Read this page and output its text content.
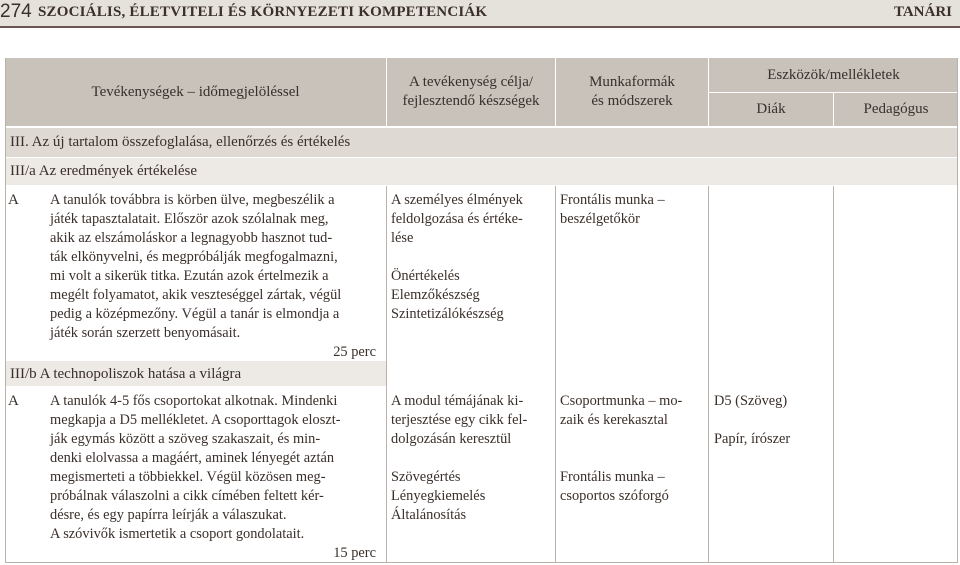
274 SZOCIÁLIS, ÉLETVITELI ÉS KÖRNYEZETI KOMPETENCIÁK	TANÁRI
Tevékenységek – időmegjelöléssel
A tevékenység célja/
fejlesztendő készségek
Munkaformák
és módszerek
Eszközök/mellékletek
Diák	Pedagógus
III. Az új tartalom összefoglalása, ellenőrzés és értékelés
III/a Az eredmények értékelése
A A tanulók továbbra is körben ülve, megbeszélik a

játék tapasztalatait. Először azok szólalnak meg,

akik az elszámoláskor a legnagyobb hasznot tud-

ták elkönyvelni, és megpróbálják megfogalmazni,

mi volt a sikerük titka. Ezután azok értelmezik a

megélt folyamatot, akik veszteséggel zártak, végül

pedig a középmezőny. Végül a tanár is elmondja a

játék során szerzett benyomásait.

25 perc

A személyes élmények
feldolgozása és értéke-
lése
Önértékelés
Elemzőkészség
Szintetizálókészség
Frontális munka –
beszélgetőkör
III/b A technopoliszok hatása a világra
A A tanulók 4-5 fős csoportokat alkotnak. Mindenki

megkapja a D5 mellékletet. A csoporttagok eloszt-

ják egymás között a szöveg szakaszait, és min-

denki elolvassa a magáért, aminek lényegét aztán

megismerteti a többiekkel. Végül közösen meg-

próbálnak válaszolni a cikk címében feltett kér-

désre, és egy papírra leírják a válaszukat.

A szóvivők ismertetik a csoport gondolatait.

15 perc

A modul témájának ki-
terjesztése egy cikk fel-
dolgozásán keresztül
Szövegértés
Lényegkiemelés
Általánosítás
Csoportmunka – mo-
zaik és kerekasztal
Frontális munka –
csoportos szóforgó
D5 (Szöveg)
Papír, írószer
